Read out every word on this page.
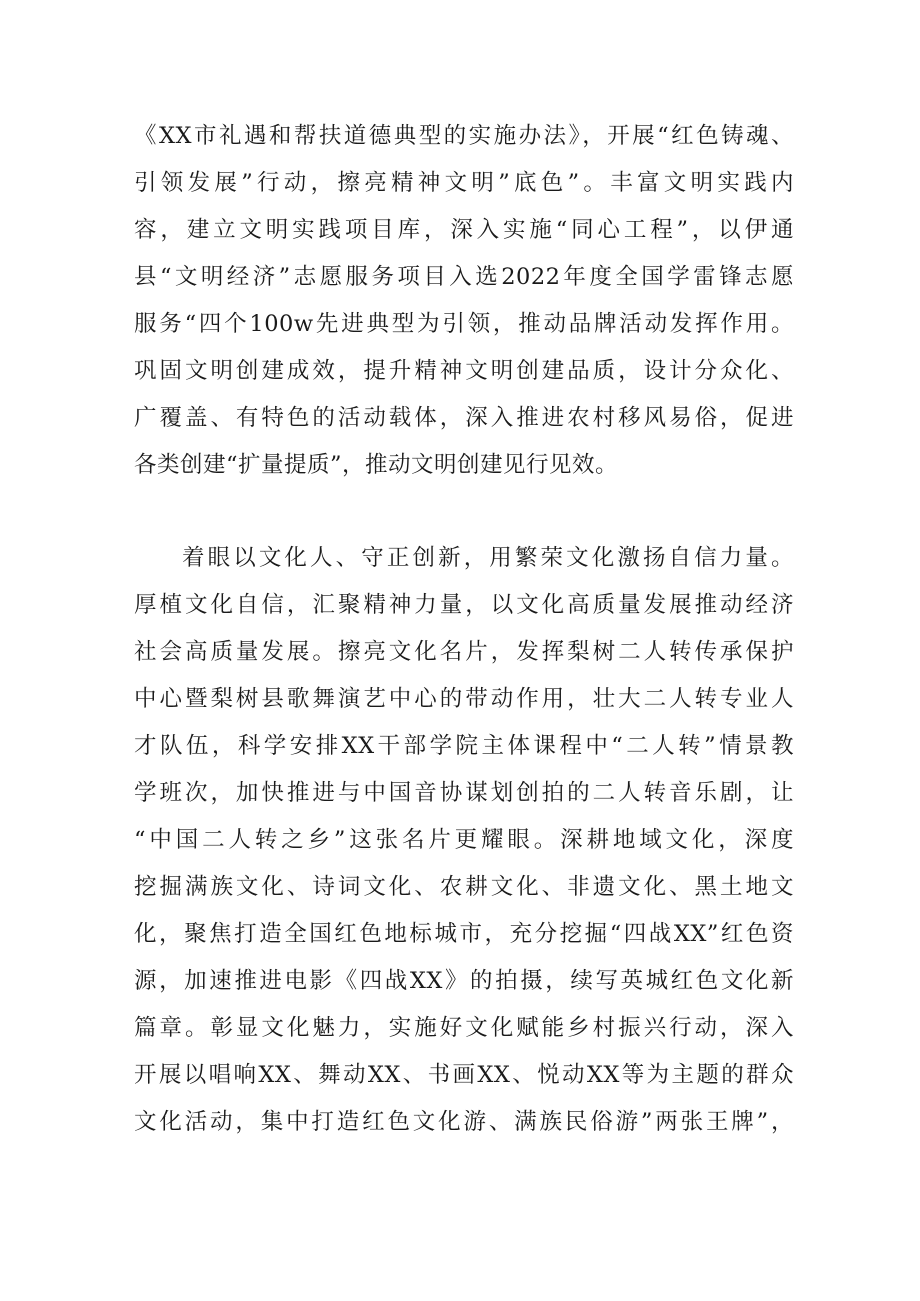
《XX市礼遇和帮扶道德典型的实施办法》，开展“红色铸魂、
引领发展”行动，擦亮精神文明”底色”。丰富文明实践内
容，建立文明实践项目库，深入实施“同心工程”，以伊通
县“文明经济”志愿服务项目入选2022年度全国学雷锋志愿
服务“四个100w先进典型为引领，推动品牌活动发挥作用。
巩固文明创建成效，提升精神文明创建品质，设计分众化、
广覆盖、有特色的活动载体，深入推进农村移风易俗，促进
各类创建“扩量提质”，推动文明创建见行见效。
着眼以文化人、守正创新，用繁荣文化激扬自信力量。
厚植文化自信，汇聚精神力量，以文化高质量发展推动经济
社会高质量发展。擦亮文化名片，发挥梨树二人转传承保护
中心暨梨树县歌舞演艺中心的带动作用，壮大二人转专业人
才队伍，科学安排XX干部学院主体课程中“二人转”情景教
学班次，加快推进与中国音协谋划创拍的二人转音乐剧，让
“中国二人转之乡”这张名片更耀眼。深耕地域文化，深度
挖掘满族文化、诗词文化、农耕文化、非遗文化、黑土地文
化，聚焦打造全国红色地标城市，充分挖掘“四战XX”红色资
源，加速推进电影《四战XX》的拍摄，续写英城红色文化新
篇章。彰显文化魅力，实施好文化赋能乡村振兴行动，深入
开展以唱响XX、舞动XX、书画XX、悦动XX等为主题的群众
文化活动，集中打造红色文化游、满族民俗游”两张王牌”，
